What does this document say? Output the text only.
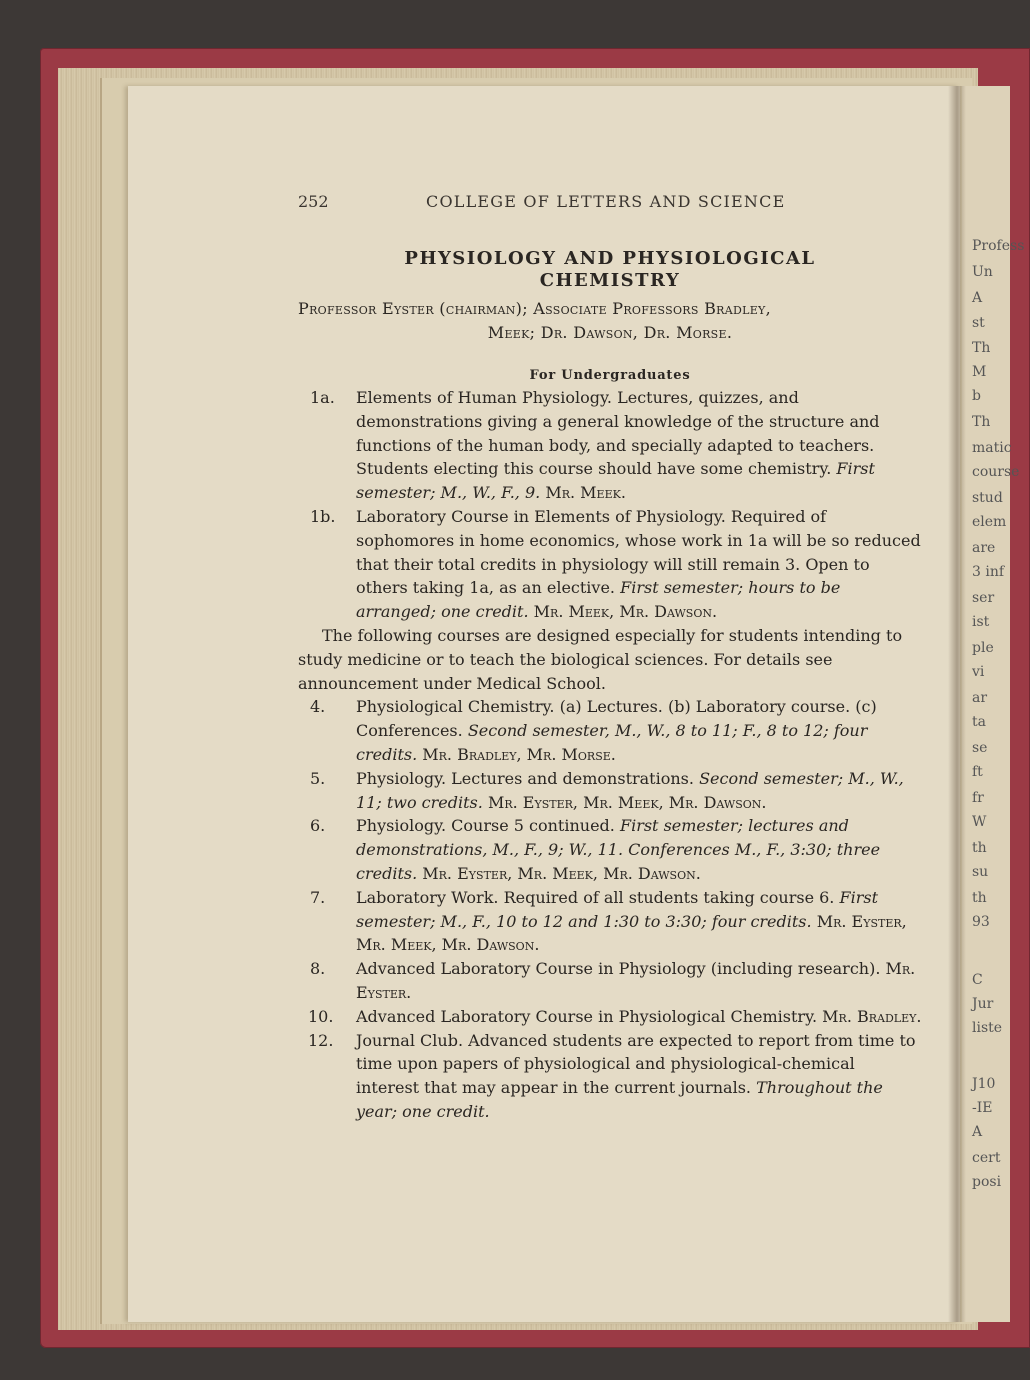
Profess
Un
A
st
Th
M
b
Th
matic
course
stud
elem
are
3 inf
ser
ist
ple
vi
ar
ta
se
ft
fr
W
th
su
th
93
C
Jur
liste
J10
-IE
A
cert
posi
252	COLLEGE OF LETTERS AND SCIENCE
PHYSIOLOGY AND PHYSIOLOGICAL
CHEMISTRY
Professor Eyster (chairman); Associate Professors Bradley,
Meek; Dr. Dawson, Dr. Morse.
For Undergraduates
1a. Elements of Human Physiology. Lectures, quizzes, and demonstrations giving a general knowledge of the structure and functions of the human body, and specially adapted to teachers. Students electing this course should have some chemistry. First semester; M., W., F., 9. Mr. Meek.
1b. Laboratory Course in Elements of Physiology. Required of sophomores in home economics, whose work in 1a will be so reduced that their total credits in physiology will still remain 3. Open to others taking 1a, as an elective. First semester; hours to be arranged; one credit. Mr. Meek, Mr. Dawson.
The following courses are designed especially for students intending to study medicine or to teach the biological sciences. For details see announcement under Medical School.
4. Physiological Chemistry. (a) Lectures. (b) Laboratory course. (c) Conferences. Second semester, M., W., 8 to 11; F., 8 to 12; four credits. Mr. Bradley, Mr. Morse.
5. Physiology. Lectures and demonstrations. Second semester; M., W., 11; two credits. Mr. Eyster, Mr. Meek, Mr. Dawson.
6. Physiology. Course 5 continued. First semester; lectures and demonstrations, M., F., 9; W., 11. Conferences M., F., 3:30; three credits. Mr. Eyster, Mr. Meek, Mr. Dawson.
7. Laboratory Work. Required of all students taking course 6. First semester; M., F., 10 to 12 and 1:30 to 3:30; four credits. Mr. Eyster, Mr. Meek, Mr. Dawson.
8. Advanced Laboratory Course in Physiology (including research). Mr. Eyster.
10. Advanced Laboratory Course in Physiological Chemistry. Mr. Bradley.
12. Journal Club. Advanced students are expected to report from time to time upon papers of physiological and physiological-chemical interest that may appear in the current journals. Throughout the year; one credit.
